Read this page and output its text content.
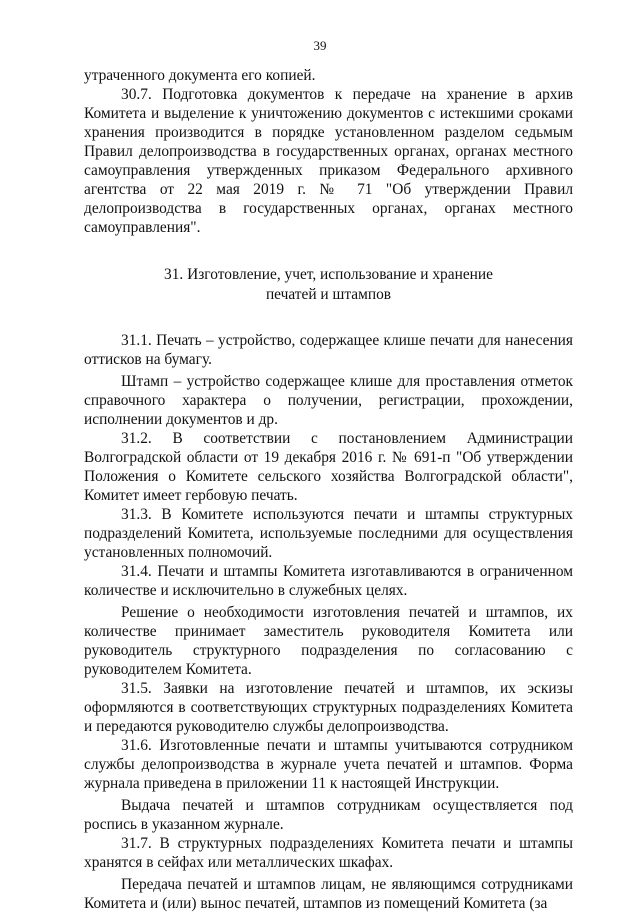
39

утраченного документа его копией.

30.7. Подготовка документов к передаче на хранение в архив Комитета и выделение к уничтожению документов с истекшими сроками хранения производится в порядке установленном разделом седьмым Правил делопроизводства в государственных органах, органах местного самоуправления утвержденных приказом Федерального архивного агентства от 22 мая 2019 г. № 71 "Об утверждении Правил делопроизводства в государственных органах, органах местного самоуправления".

31. Изготовление, учет, использование и хранение
печатей и штампов

31.1. Печать – устройство, содержащее клише печати для нанесения оттисков на бумагу.

Штамп – устройство содержащее клише для проставления отметок справочного характера о получении, регистрации, прохождении, исполнении документов и др.

31.2. В соответствии с постановлением Администрации Волгоградской области от 19 декабря 2016 г. № 691-п "Об утверждении Положения о Комитете сельского хозяйства Волгоградской области", Комитет имеет гербовую печать.

31.3. В Комитете используются печати и штампы структурных подразделений Комитета, используемые последними для осуществления установленных полномочий.

31.4. Печати и штампы Комитета изготавливаются в ограниченном количестве и исключительно в служебных целях.

Решение о необходимости изготовления печатей и штампов, их количестве принимает заместитель руководителя Комитета или руководитель структурного подразделения по согласованию с руководителем Комитета.

31.5. Заявки на изготовление печатей и штампов, их эскизы оформляются в соответствующих структурных подразделениях Комитета и передаются руководителю службы делопроизводства.

31.6. Изготовленные печати и штампы учитываются сотрудником службы делопроизводства в журнале учета печатей и штампов. Форма журнала приведена в приложении 11 к настоящей Инструкции.

Выдача печатей и штампов сотрудникам осуществляется под роспись в указанном журнале.

31.7. В структурных подразделениях Комитета печати и штампы хранятся в сейфах или металлических шкафах.

Передача печатей и штампов лицам, не являющимся сотрудниками Комитета и (или) вынос печатей, штампов из помещений Комитета (за
